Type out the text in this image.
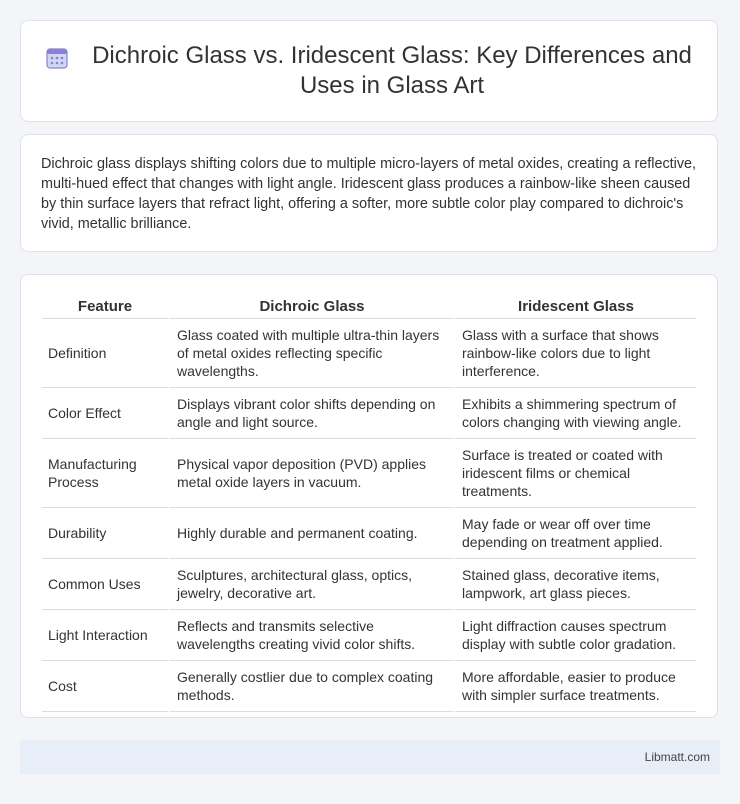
Dichroic Glass vs. Iridescent Glass: Key Differences and Uses in Glass Art

Dichroic glass displays shifting colors due to multiple micro-layers of metal oxides, creating a reflective, multi-hued effect that changes with light angle. Iridescent glass produces a rainbow-like sheen caused by thin surface layers that refract light, offering a softer, more subtle color play compared to dichroic's vivid, metallic brilliance.

Feature	Dichroic Glass	Iridescent Glass
Definition	Glass coated with multiple ultra-thin layers of metal oxides reflecting specific wavelengths.	Glass with a surface that shows rainbow-like colors due to light interference.
Color Effect	Displays vibrant color shifts depending on angle and light source.	Exhibits a shimmering spectrum of colors changing with viewing angle.
Manufacturing Process	Physical vapor deposition (PVD) applies metal oxide layers in vacuum.	Surface is treated or coated with iridescent films or chemical treatments.
Durability	Highly durable and permanent coating.	May fade or wear off over time depending on treatment applied.
Common Uses	Sculptures, architectural glass, optics, jewelry, decorative art.	Stained glass, decorative items, lampwork, art glass pieces.
Light Interaction	Reflects and transmits selective wavelengths creating vivid color shifts.	Light diffraction causes spectrum display with subtle color gradation.
Cost	Generally costlier due to complex coating methods.	More affordable, easier to produce with simpler surface treatments.
Libmatt.com
